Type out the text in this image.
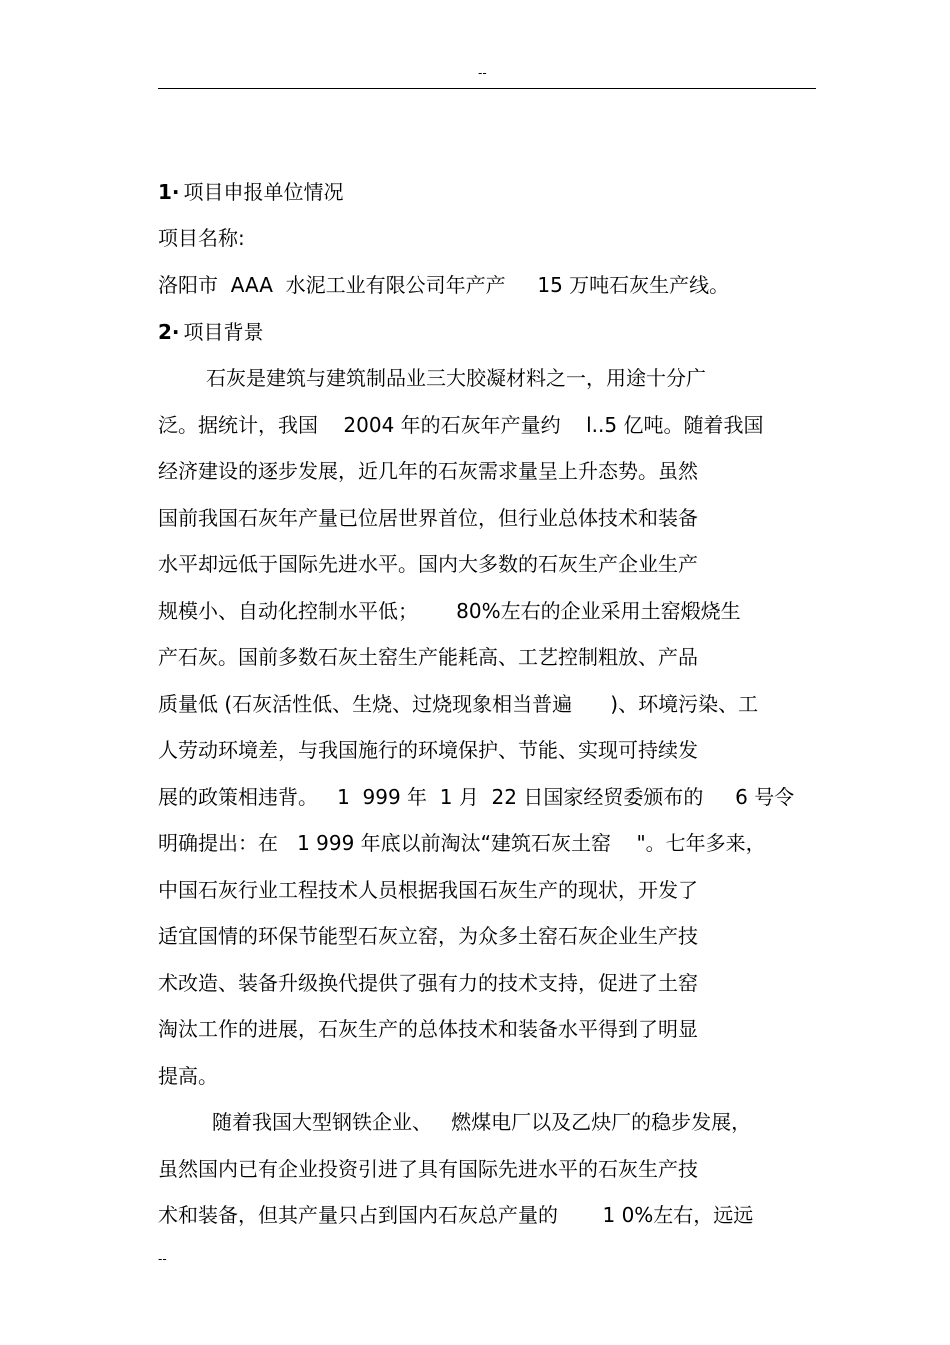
--
1· 项目申报单位情况
项目名称:
洛阳市  AAA  水泥工业有限公司年产产     15 万吨石灰生产线。
2· 项目背景
石灰是建筑与建筑制品业三大胶凝材料之一，用途十分广
泛。据统计，我国    2004 年的石灰年产量约    l..5 亿吨。随着我国
经济建设的逐步发展，近几年的石灰需求量呈上升态势。虽然
国前我国石灰年产量已位居世界首位，但行业总体技术和装备
水平却远低于国际先进水平。国内大多数的石灰生产企业生产
规模小、自动化控制水平低；      80%左右的企业采用土窑煅烧生
产石灰。国前多数石灰土窑生产能耗高、工艺控制粗放、产品
质量低 (石灰活性低、生烧、过烧现象相当普遍      )、环境污染、工
人劳动环境差，与我国施行的环境保护、节能、实现可持续发
展的政策相违背。   1  999 年  1 月  22 日国家经贸委颁布的     6 号令
明确提出：在   1 999 年底以前淘汰“建筑石灰土窑    "。七年多来，
中国石灰行业工程技术人员根据我国石灰生产的现状，开发了
适宜国情的环保节能型石灰立窑，为众多土窑石灰企业生产技
术改造、装备升级换代提供了强有力的技术支持，促进了土窑
淘汰工作的进展，石灰生产的总体技术和装备水平得到了明显
提高。
随着我国大型钢铁企业、   燃煤电厂以及乙炔厂的稳步发展，
虽然国内已有企业投资引进了具有国际先进水平的石灰生产技
术和装备，但其产量只占到国内石灰总产量的       1 0%左右，远远
--
